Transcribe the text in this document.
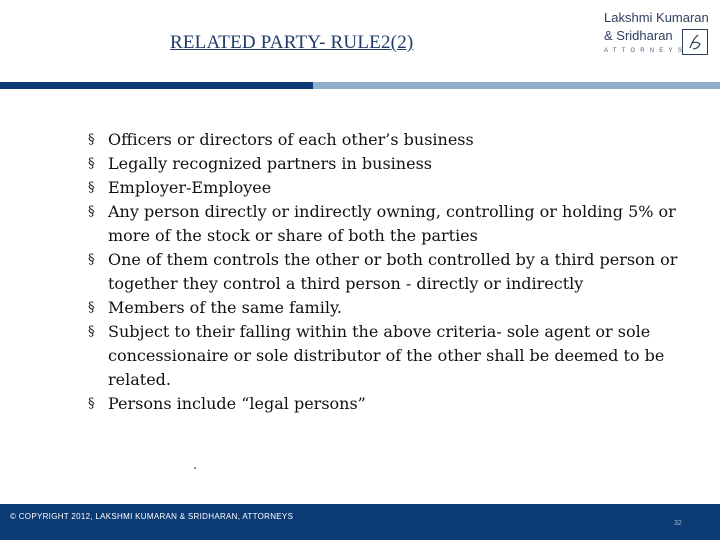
RELATED PARTY- RULE2(2)
Lakshmi Kumaran
& Sridharan
ATTORNEYS
§ Officers or directors of each other’s business
§ Legally recognized partners in business
§ Employer-Employee
§ Any person directly or indirectly owning, controlling or holding 5% or more of the stock or share of both the parties
§ One of them controls the other or both controlled by a third person or together they control a third person - directly or indirectly
§ Members of the same family.
§ Subject to their falling within the above criteria- sole agent or sole concessionaire or sole distributor of the other shall be deemed to be related.
§ Persons include “legal persons”
.
© COPYRIGHT 2012, LAKSHMI KUMARAN & SRIDHARAN, ATTORNEYS
32
